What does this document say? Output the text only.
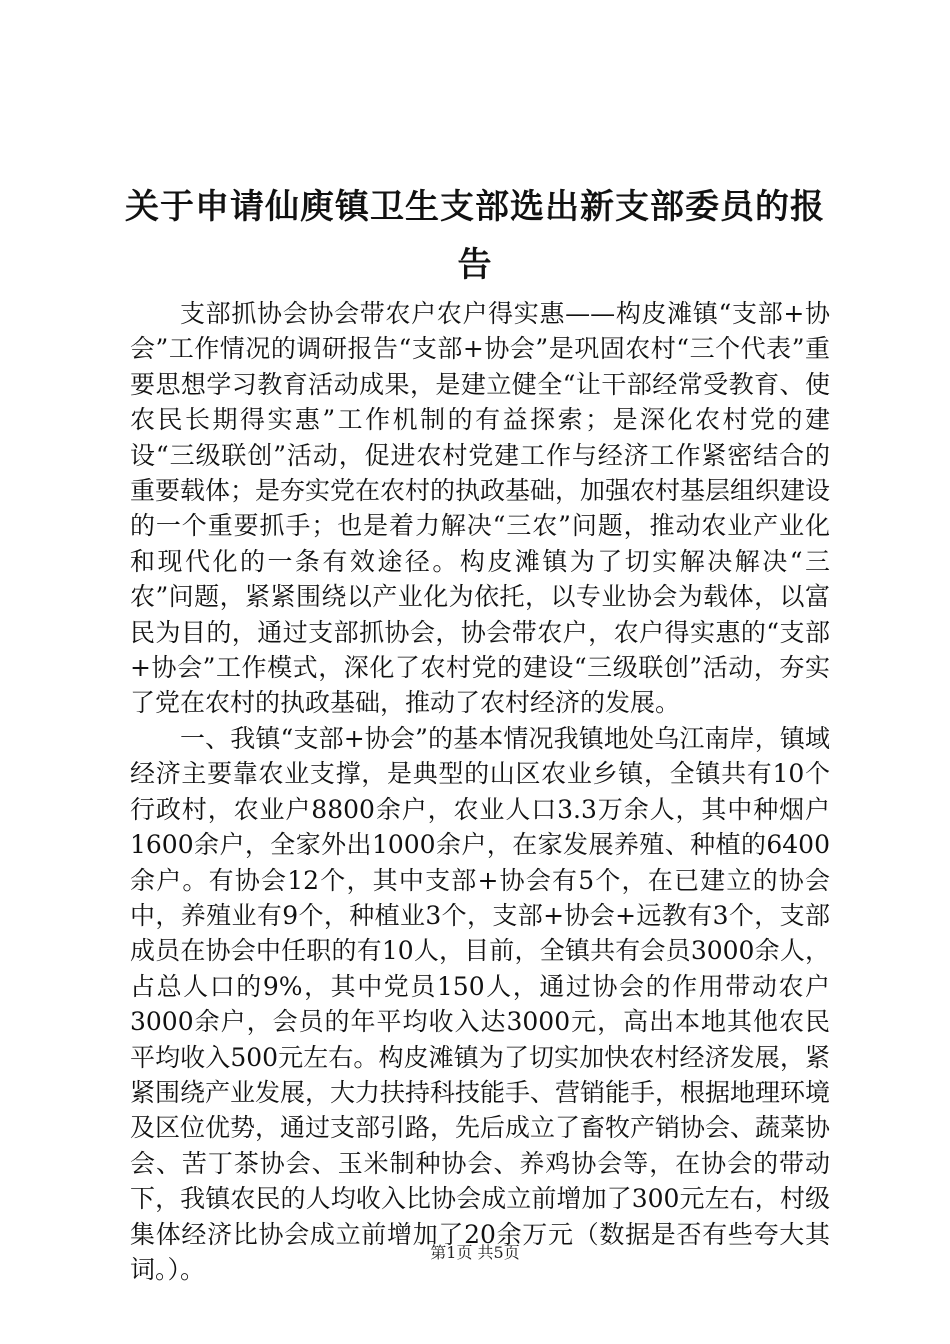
关于申请仙庾镇卫生支部选出新支部委员的报告

支部抓协会协会带农户农户得实惠——构皮滩镇“支部+协会”工作情况的调研报告“支部+协会”是巩固农村“三个代表”重要思想学习教育活动成果，是建立健全“让干部经常受教育、使农民长期得实惠”工作机制的有益探索；是深化农村党的建设“三级联创”活动，促进农村党建工作与经济工作紧密结合的重要载体；是夯实党在农村的执政基础，加强农村基层组织建设的一个重要抓手；也是着力解决“三农”问题，推动农业产业化和现代化的一条有效途径。构皮滩镇为了切实解决解决“三农”问题，紧紧围绕以产业化为依托，以专业协会为载体，以富民为目的，通过支部抓协会，协会带农户，农户得实惠的“支部+协会”工作模式，深化了农村党的建设“三级联创”活动，夯实了党在农村的执政基础，推动了农村经济的发展。

一、我镇“支部+协会”的基本情况我镇地处乌江南岸，镇域经济主要靠农业支撑，是典型的山区农业乡镇，全镇共有10个行政村，农业户8800余户，农业人口3.3万余人，其中种烟户1600余户，全家外出1000余户，在家发展养殖、种植的6400余户。有协会12个，其中支部+协会有5个，在已建立的协会中，养殖业有9个，种植业3个，支部+协会+远教有3个，支部成员在协会中任职的有10人，目前，全镇共有会员3000余人，占总人口的9%，其中党员150人，通过协会的作用带动农户3000余户，会员的年平均收入达3000元，高出本地其他农民平均收入500元左右。构皮滩镇为了切实加快农村经济发展，紧紧围绕产业发展，大力扶持科技能手、营销能手，根据地理环境及区位优势，通过支部引路，先后成立了畜牧产销协会、蔬菜协会、苦丁茶协会、玉米制种协会、养鸡协会等，在协会的带动下，我镇农民的人均收入比协会成立前增加了300元左右，村级集体经济比协会成立前增加了20余万元（数据是否有些夸大其词。）。

第1页 共5页
